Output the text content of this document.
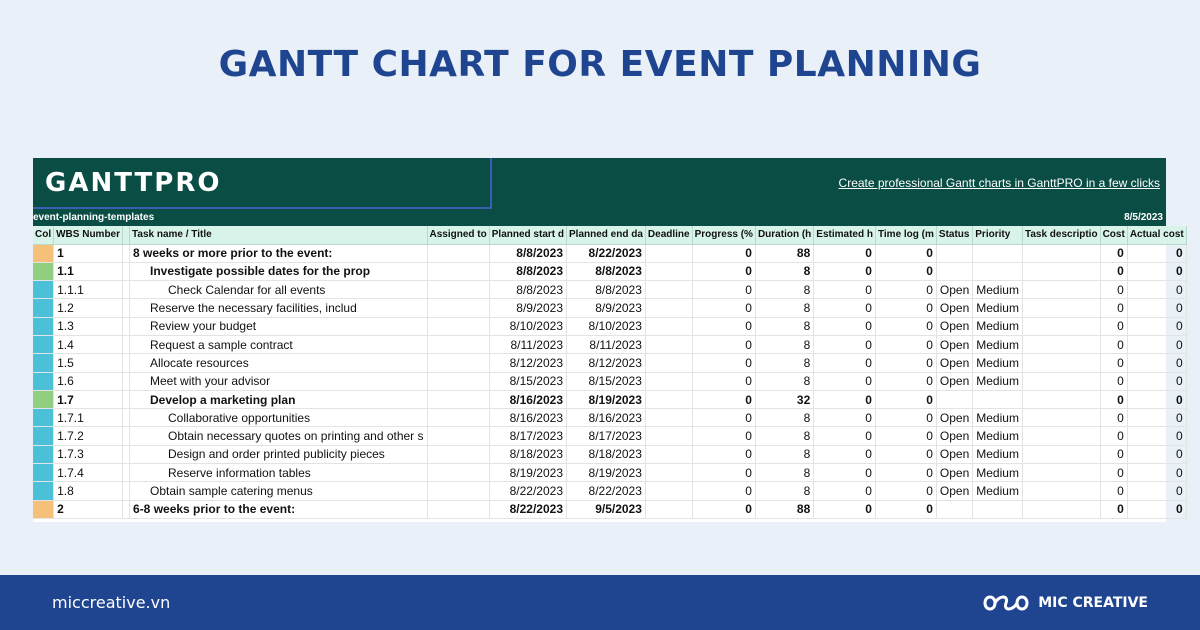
GANTT CHART FOR EVENT PLANNING
GANTTPRO	Create professional Gantt charts in GanttPRO in a few clicks
event-planning-templates	8/5/2023
Col	WBS Number		Task name / Title	Assigned to	Planned start d	Planned end da	Deadline	Progress (%	Duration (h	Estimated h	Time log (m	Status	Priority	Task descriptio	Cost	Actual cost
	1		8 weeks or more prior to the event:		8/8/2023	8/22/2023		0	88	0	0				0	0
	1.1		Investigate possible dates for the prop		8/8/2023	8/8/2023		0	8	0	0				0	0
	1.1.1		Check Calendar for all events		8/8/2023	8/8/2023		0	8	0	0	Open	Medium		0	0
	1.2		Reserve the necessary facilities, includ		8/9/2023	8/9/2023		0	8	0	0	Open	Medium		0	0
	1.3		Review your budget		8/10/2023	8/10/2023		0	8	0	0	Open	Medium		0	0
	1.4		Request a sample contract		8/11/2023	8/11/2023		0	8	0	0	Open	Medium		0	0
	1.5		Allocate resources		8/12/2023	8/12/2023		0	8	0	0	Open	Medium		0	0
	1.6		Meet with your advisor		8/15/2023	8/15/2023		0	8	0	0	Open	Medium		0	0
	1.7		Develop a marketing plan		8/16/2023	8/19/2023		0	32	0	0				0	0
	1.7.1		Collaborative opportunities		8/16/2023	8/16/2023		0	8	0	0	Open	Medium		0	0
	1.7.2		Obtain necessary quotes on printing and other s		8/17/2023	8/17/2023		0	8	0	0	Open	Medium		0	0
	1.7.3		Design and order printed publicity pieces		8/18/2023	8/18/2023		0	8	0	0	Open	Medium		0	0
	1.7.4		Reserve information tables		8/19/2023	8/19/2023		0	8	0	0	Open	Medium		0	0
	1.8		Obtain sample catering menus		8/22/2023	8/22/2023		0	8	0	0	Open	Medium		0	0
	2		6-8 weeks prior to the event:		8/22/2023	9/5/2023		0	88	0	0				0	0
miccreative.vn	MIC CREATIVE
